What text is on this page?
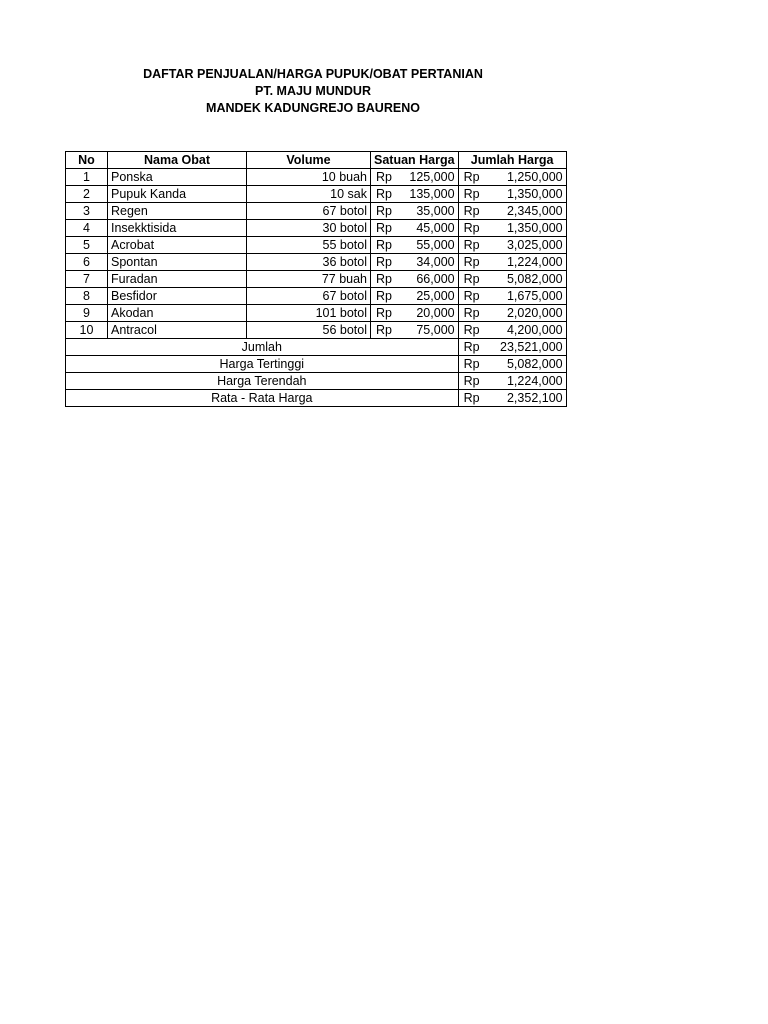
DAFTAR PENJUALAN/HARGA PUPUK/OBAT PERTANIAN
PT. MAJU MUNDUR
MANDEK KADUNGREJO BAURENO
No	Nama Obat	Volume	Satuan Harga	Jumlah Harga
1	Ponska	10 buah	Rp 125,000	Rp 1,250,000

2	Pupuk Kanda	10 sak	Rp 135,000	Rp 1,350,000

3	Regen	67 botol	Rp 35,000	Rp 2,345,000

4	Insekktisida	30 botol	Rp 45,000	Rp 1,350,000

5	Acrobat	55 botol	Rp 55,000	Rp 3,025,000

6	Spontan	36 botol	Rp 34,000	Rp 1,224,000

7	Furadan	77 buah	Rp 66,000	Rp 5,082,000

8	Besfidor	67 botol	Rp 25,000	Rp 1,675,000

9	Akodan	101 botol	Rp 20,000	Rp 2,020,000

10	Antracol	56 botol	Rp 75,000	Rp 4,200,000

Jumlah				Rp 23,521,000

Harga Tertinggi				Rp 5,082,000

Harga Terendah				Rp 1,224,000

Rata - Rata Harga				Rp 2,352,100
